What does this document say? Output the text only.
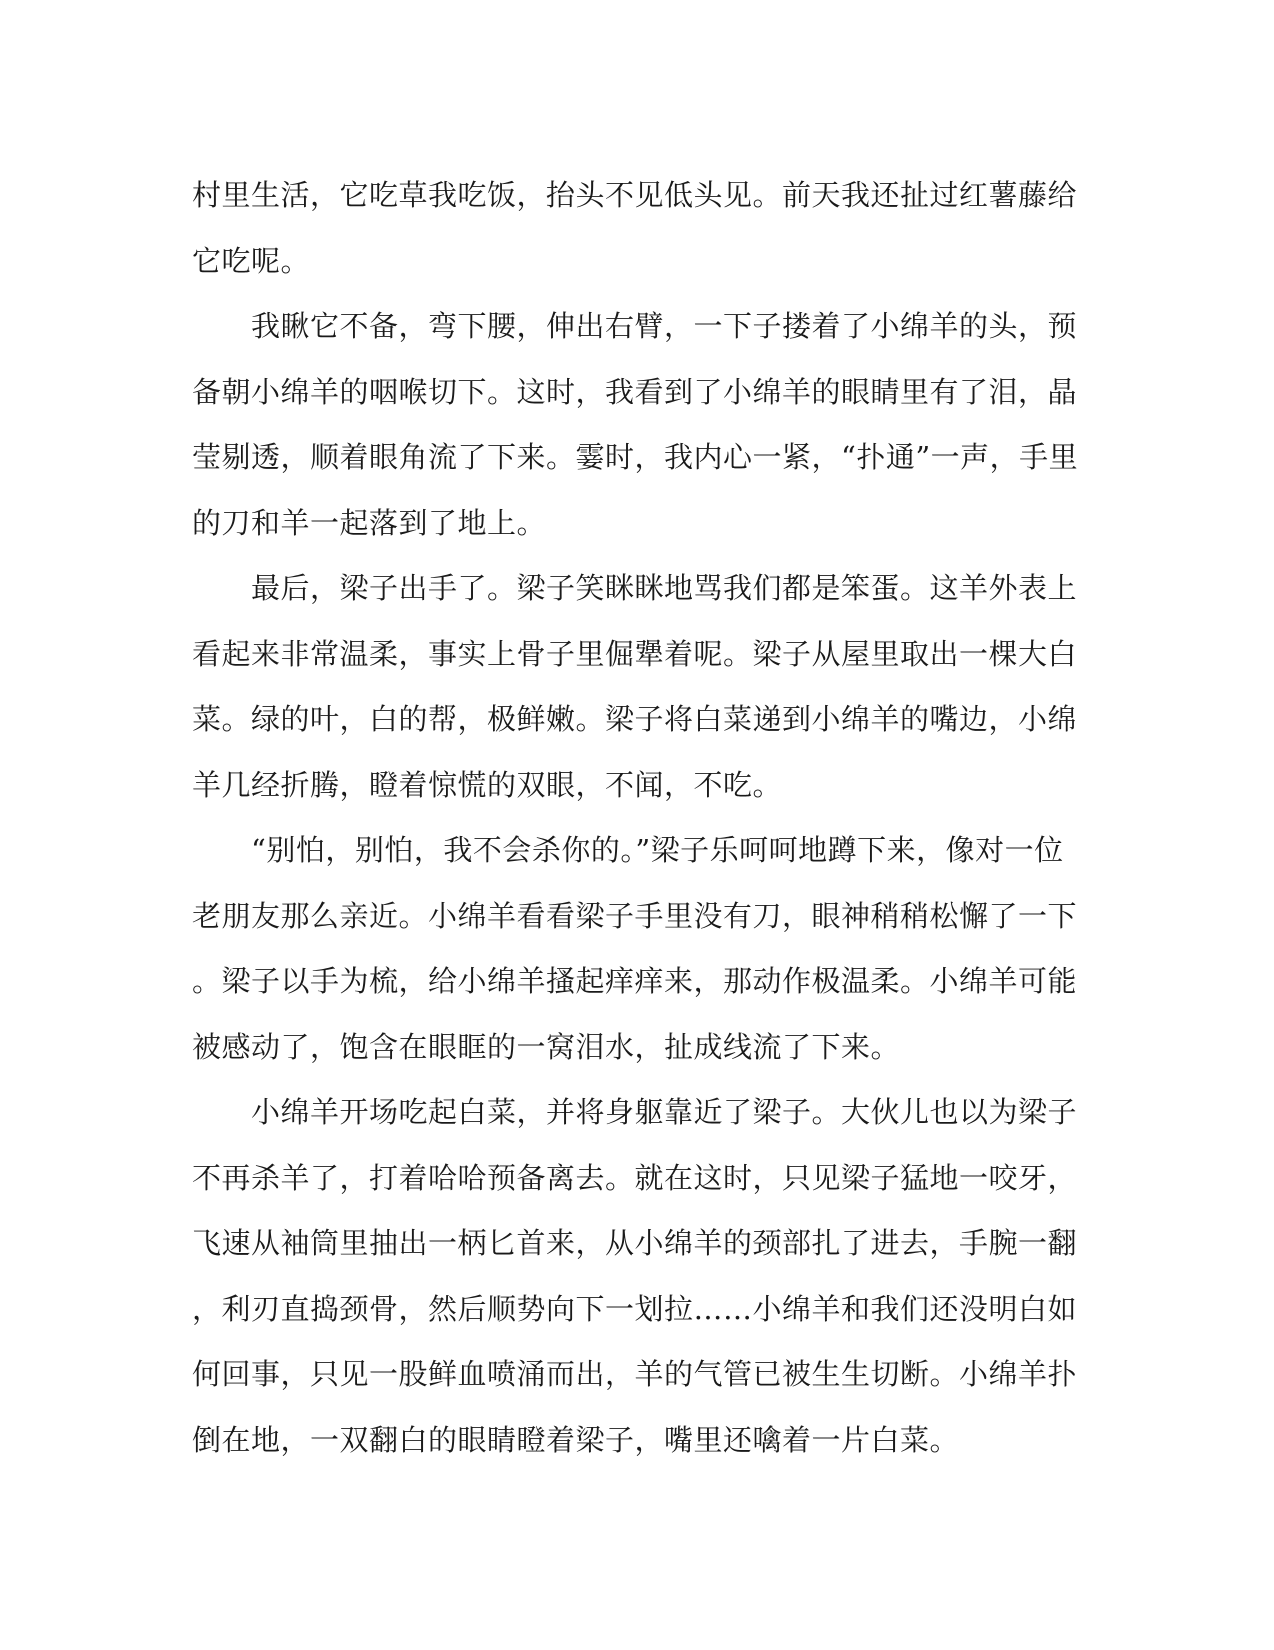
村里生活，它吃草我吃饭，抬头不见低头见。前天我还扯过红薯藤给
它吃呢。
　　我瞅它不备，弯下腰，伸出右臂，一下子搂着了小绵羊的头，预
备朝小绵羊的咽喉切下。这时，我看到了小绵羊的眼睛里有了泪，晶
莹剔透，顺着眼角流了下来。霎时，我内心一紧，“扑通”一声，手里
的刀和羊一起落到了地上。
　　最后，梁子出手了。梁子笑眯眯地骂我们都是笨蛋。这羊外表上
看起来非常温柔，事实上骨子里倔犟着呢。梁子从屋里取出一棵大白
菜。绿的叶，白的帮，极鲜嫩。梁子将白菜递到小绵羊的嘴边，小绵
羊几经折腾，瞪着惊慌的双眼，不闻，不吃。
　　“别怕，别怕，我不会杀你的。”梁子乐呵呵地蹲下来，像对一位
老朋友那么亲近。小绵羊看看梁子手里没有刀，眼神稍稍松懈了一下
。梁子以手为梳，给小绵羊搔起痒痒来，那动作极温柔。小绵羊可能
被感动了，饱含在眼眶的一窝泪水，扯成线流了下来。
　　小绵羊开场吃起白菜，并将身躯靠近了梁子。大伙儿也以为梁子
不再杀羊了，打着哈哈预备离去。就在这时，只见梁子猛地一咬牙，
飞速从袖筒里抽出一柄匕首来，从小绵羊的颈部扎了进去，手腕一翻
，利刃直捣颈骨，然后顺势向下一划拉……小绵羊和我们还没明白如
何回事，只见一股鲜血喷涌而出，羊的气管已被生生切断。小绵羊扑
倒在地，一双翻白的眼睛瞪着梁子，嘴里还噙着一片白菜。
